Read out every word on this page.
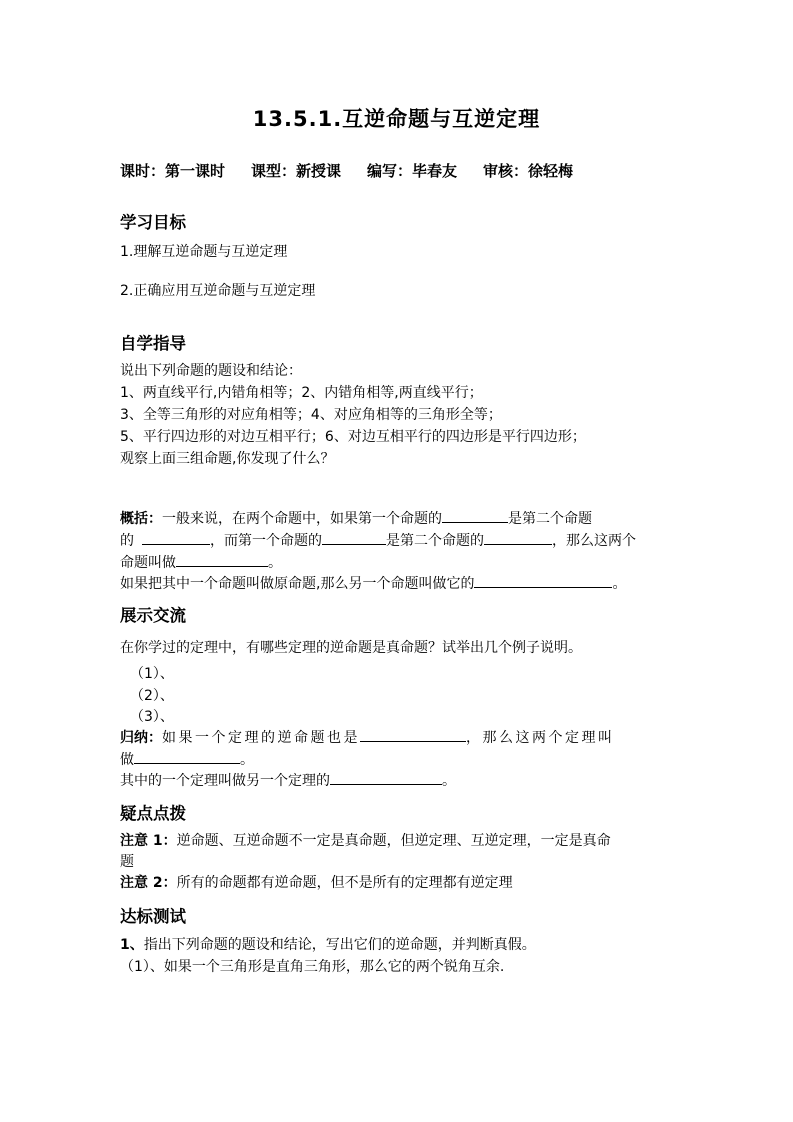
13.5.1.互逆命题与互逆定理
课时：第一课时 课型：新授课 编写：毕春友 审核：徐轻梅
学习目标
1.理解互逆命题与互逆定理
2.正确应用互逆命题与互逆定理
自学指导
说出下列命题的题设和结论：
1、两直线平行,内错角相等；2、内错角相等,两直线平行；
3、全等三角形的对应角相等；4、对应角相等的三角形全等；
5、平行四边形的对边互相平行；6、对边互相平行的四边形是平行四边形；
观察上面三组命题,你发现了什么？
概括：一般来说，在两个命题中，如果第一个命题的	是第二个命题
的	，而第一个命题的	是第二个命题的	，那么这两个
命题叫做	。
如果把其中一个命题叫做原命题,那么另一个命题叫做它的	。
展示交流
在你学过的定理中，有哪些定理的逆命题是真命题？试举出几个例子说明。
（1）、
（2）、
（3）、
归纳：如果一个定理的逆命题也是	，那么这两个定理叫
做	。
其中的一个定理叫做另一个定理的	。
疑点点拨
注意 1：逆命题、互逆命题不一定是真命题，但逆定理、互逆定理，一定是真命
题
注意 2：所有的命题都有逆命题，但不是所有的定理都有逆定理
达标测试
1、指出下列命题的题设和结论，写出它们的逆命题，并判断真假。
（1）、如果一个三角形是直角三角形，那么它的两个锐角互余.
